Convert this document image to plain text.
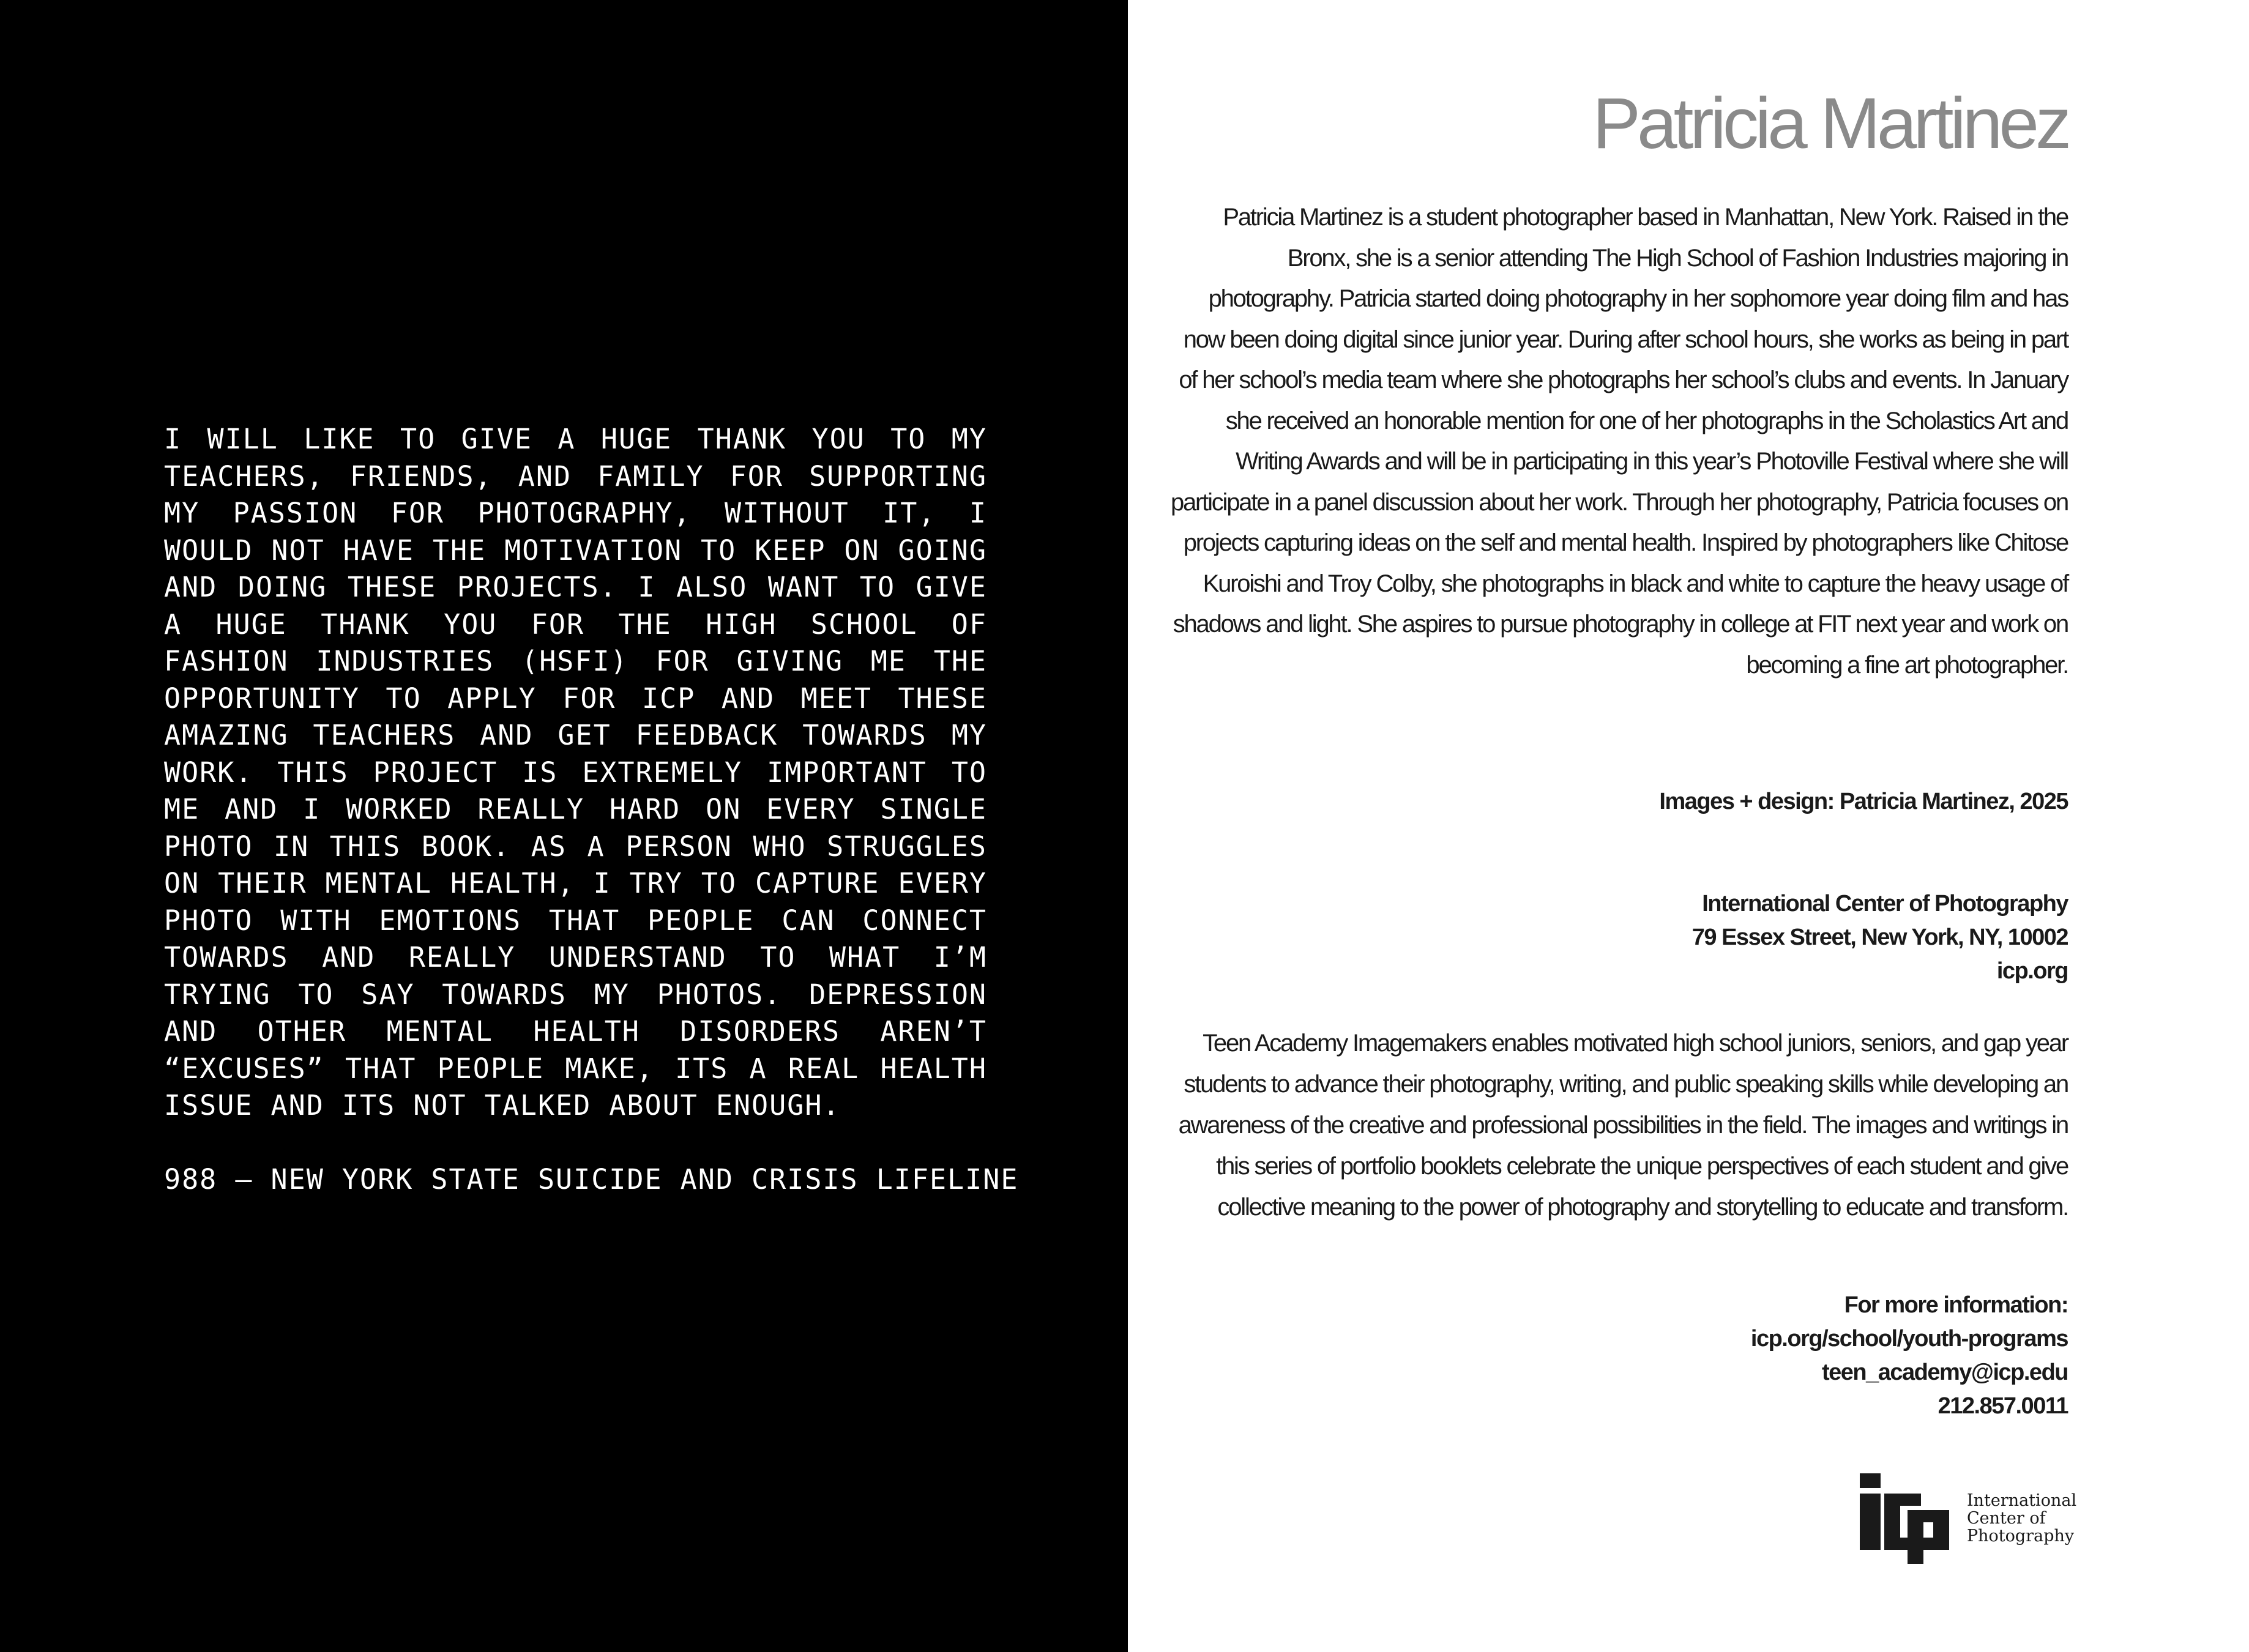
I WILL LIKE TO GIVE A HUGE THANK YOU TO MY TEACHERS, FRIENDS, AND FAMILY FOR SUPPORTING MY PASSION FOR PHOTOGRAPHY, WITHOUT IT, I WOULD NOT HAVE THE MOTIVATION TO KEEP ON GOING AND DOING THESE PROJECTS. I ALSO WANT TO GIVE A HUGE THANK YOU FOR THE HIGH SCHOOL OF FASHION INDUSTRIES (HSFI) FOR GIVING ME THE OPPORTUNITY TO APPLY FOR ICP AND MEET THESE AMAZING TEACHERS AND GET FEEDBACK TOWARDS MY WORK. THIS PROJECT IS EXTREMELY IMPORTANT TO ME AND I WORKED REALLY HARD ON EVERY SINGLE PHOTO IN THIS BOOK. AS A PERSON WHO STRUGGLES ON THEIR MENTAL HEALTH, I TRY TO CAPTURE EVERY PHOTO WITH EMOTIONS THAT PEOPLE CAN CONNECT TOWARDS AND REALLY UNDERSTAND TO WHAT I’M TRYING TO SAY TOWARDS MY PHOTOS. DEPRESSION AND OTHER MENTAL HEALTH DISORDERS AREN’T “EXCUSES” THAT PEOPLE MAKE, ITS A REAL HEALTH ISSUE AND ITS NOT TALKED ABOUT ENOUGH.

988 — NEW YORK STATE SUICIDE AND CRISIS LIFELINE

Patricia Martinez

Patricia Martinez is a student photographer based in Manhattan, New York. Raised in the Bronx, she is a senior attending The High School of Fashion Industries majoring in photography. Patricia started doing photography in her sophomore year doing film and has now been doing digital since junior year. During after school hours, she works as being in part of her school’s media team where she photographs her school’s clubs and events. In January she received an honorable mention for one of her photographs in the Scholastics Art and Writing Awards and will be in participating in this year’s Photoville Festival where she will participate in a panel discussion about her work. Through her photography, Patricia focuses on projects capturing ideas on the self and mental health. Inspired by photographers like Chitose Kuroishi and Troy Colby, she photographs in black and white to capture the heavy usage of shadows and light. She aspires to pursue photography in college at FIT next year and work on becoming a fine art photographer.

Images + design: Patricia Martinez, 2025

International Center of Photography
79 Essex Street, New York, NY, 10002
icp.org

Teen Academy Imagemakers enables motivated high school juniors, seniors, and gap year students to advance their photography, writing, and public speaking skills while developing an awareness of the creative and professional possibilities in the field. The images and writings in this series of portfolio booklets celebrate the unique perspectives of each student and give collective meaning to the power of photography and storytelling to educate and transform.

For more information:
icp.org/school/youth-programs
teen_academy@icp.edu
212.857.0011
International
Center of
Photography
